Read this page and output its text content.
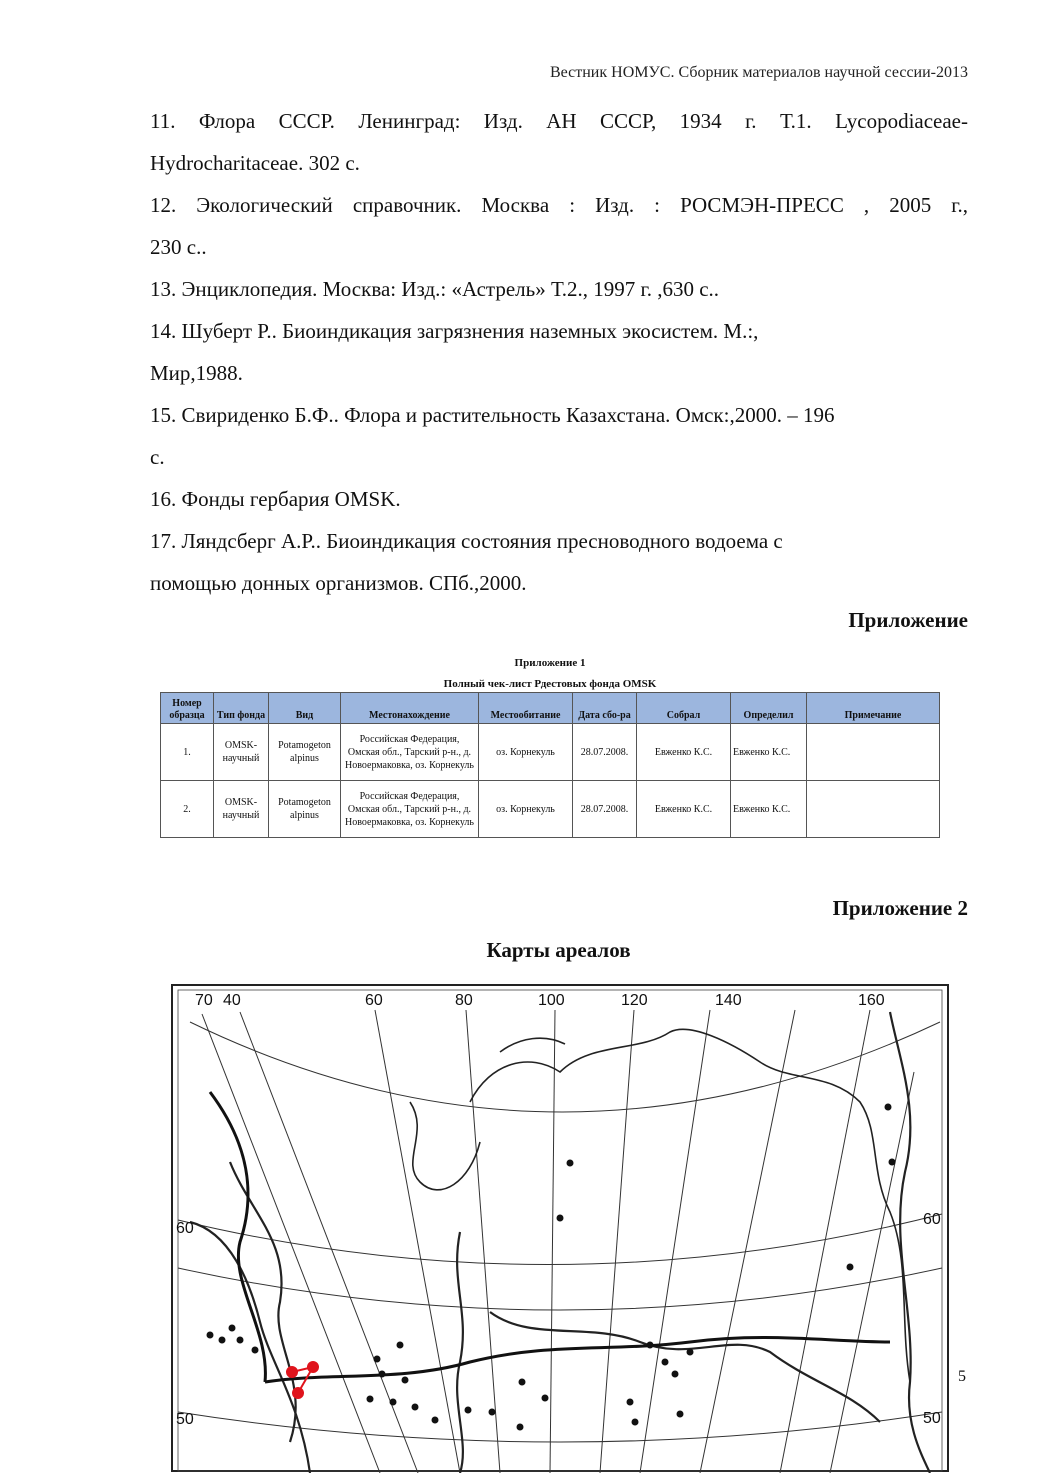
Вестник НОМУС. Сборник материалов научной сессии-2013

11. Флора СССР. Ленинград: Изд. АН СССР, 1934 г. Т.1. Lycopodiaceae-

Hydrocharitaceae. 302 с.

12. Экологический справочник. Москва : Изд. : РОСМЭН-ПРЕСС , 2005 г.,

230 с..

13. Энциклопедия. Москва: Изд.: «Астрель» Т.2., 1997 г. ,630 с..

14. Шуберт Р.. Биоиндикация загрязнения наземных экосистем. М.:,

Мир,1988.

15. Свириденко Б.Ф.. Флора и растительность Казахстана. Омск:,2000. – 196

с.

16. Фонды гербария OMSK.

17. Ляндсберг А.Р.. Биоиндикация состояния пресноводного водоема с

помощью донных организмов. СПб.,2000.

Приложение
Приложение 1
Полный чек-лист Рдестовых фонда OMSK
Номер образца	Тип фонда	Вид	Местонахождение	Местообитание	Дата сбо-ра	Собрал	Определил	Примечание
1.	OMSK-научный	Potamogeton alpinus	Российская Федерация, Омская обл., Тарский р-н., д. Новоермаковка, оз. Корнекуль	оз. Корнекуль	28.07.2008.	Евженко К.С.	Евженко К.С.	
2.	OMSK-научный	Potamogeton alpinus	Российская Федерация, Омская обл., Тарский р-н., д. Новоермаковка, оз. Корнекуль	оз. Корнекуль	28.07.2008.	Евженко К.С.	Евженко К.С.	
Приложение 2
Карты ареалов
70 40	60	80	100	120	140	160
60
50
60
50
5
